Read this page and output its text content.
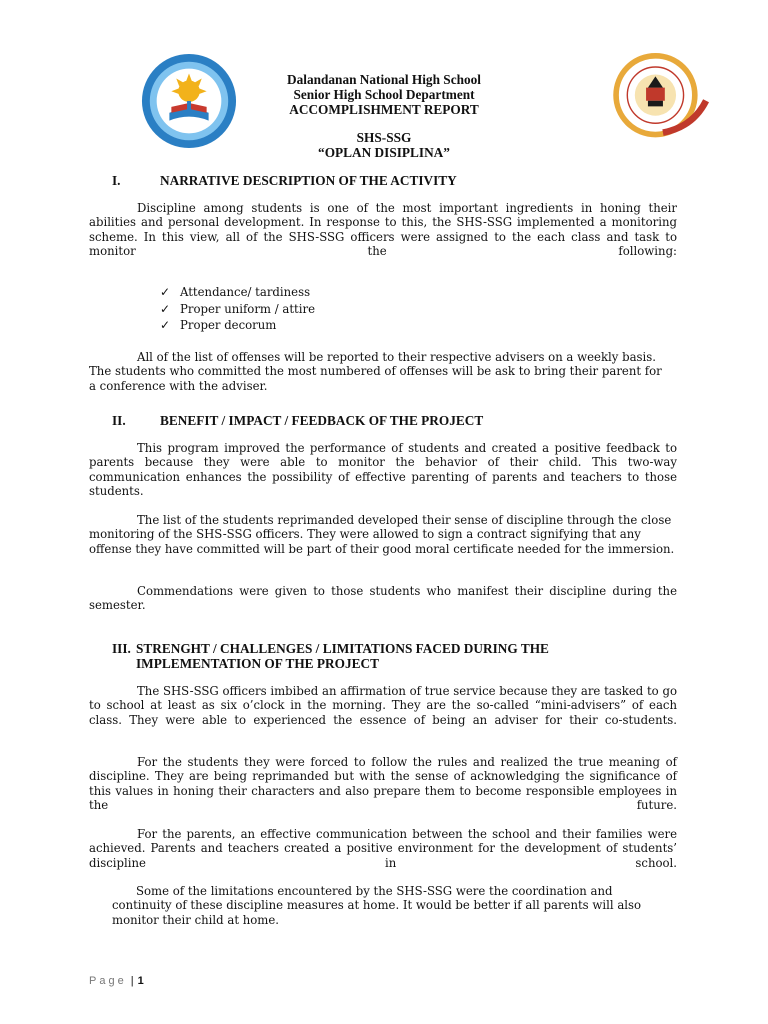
Dalandanan National High School
Senior High School Department
ACCOMPLISHMENT REPORT
SHS-SSG
“OPLAN DISIPLINA”
I.	NARRATIVE DESCRIPTION OF THE ACTIVITY
Discipline among students is one of the most important ingredients in honing their abilities and personal development. In response to this, the SHS-SSG implemented a monitoring scheme. In this view, all of the SHS-SSG officers were assigned to the each class and task to monitor the following:
✓ Attendance/ tardiness
✓ Proper uniform / attire
✓ Proper decorum
All of the list of offenses will be reported to their respective advisers on a weekly basis. The students who committed the most numbered of offenses will be ask to bring their parent for a conference with the adviser.
II.	BENEFIT / IMPACT / FEEDBACK OF THE PROJECT
This program improved the performance of students and created a positive feedback to parents because they were able to monitor the behavior of their child. This two-way communication enhances the possibility of effective parenting of parents and teachers to those students.
The list of the students reprimanded developed their sense of discipline through the close monitoring of the SHS-SSG officers. They were allowed to sign a contract signifying that any offense they have committed will be part of their good moral certificate needed for the immersion.
Commendations were given to those students who manifest their discipline during the semester.
III. STRENGHT / CHALLENGES / LIMITATIONS FACED DURING THE
IMPLEMENTATION OF THE PROJECT
The SHS-SSG officers imbibed an affirmation of true service because they are tasked to go to school at least as six o’clock in the morning. They are the so-called “mini-advisers” of each class. They were able to experienced the essence of being an adviser for their co-students.
For the students they were forced to follow the rules and realized the true meaning of discipline. They are being reprimanded but with the sense of acknowledging the significance of this values in honing their characters and also prepare them to become responsible employees in the future.
For the parents, an effective communication between the school and their families were achieved. Parents and teachers created a positive environment for the development of students’ discipline in school.
Some of the limitations encountered by the SHS-SSG were the coordination and continuity of these discipline measures at home. It would be better if all parents will also monitor their child at home.
Page | 1
